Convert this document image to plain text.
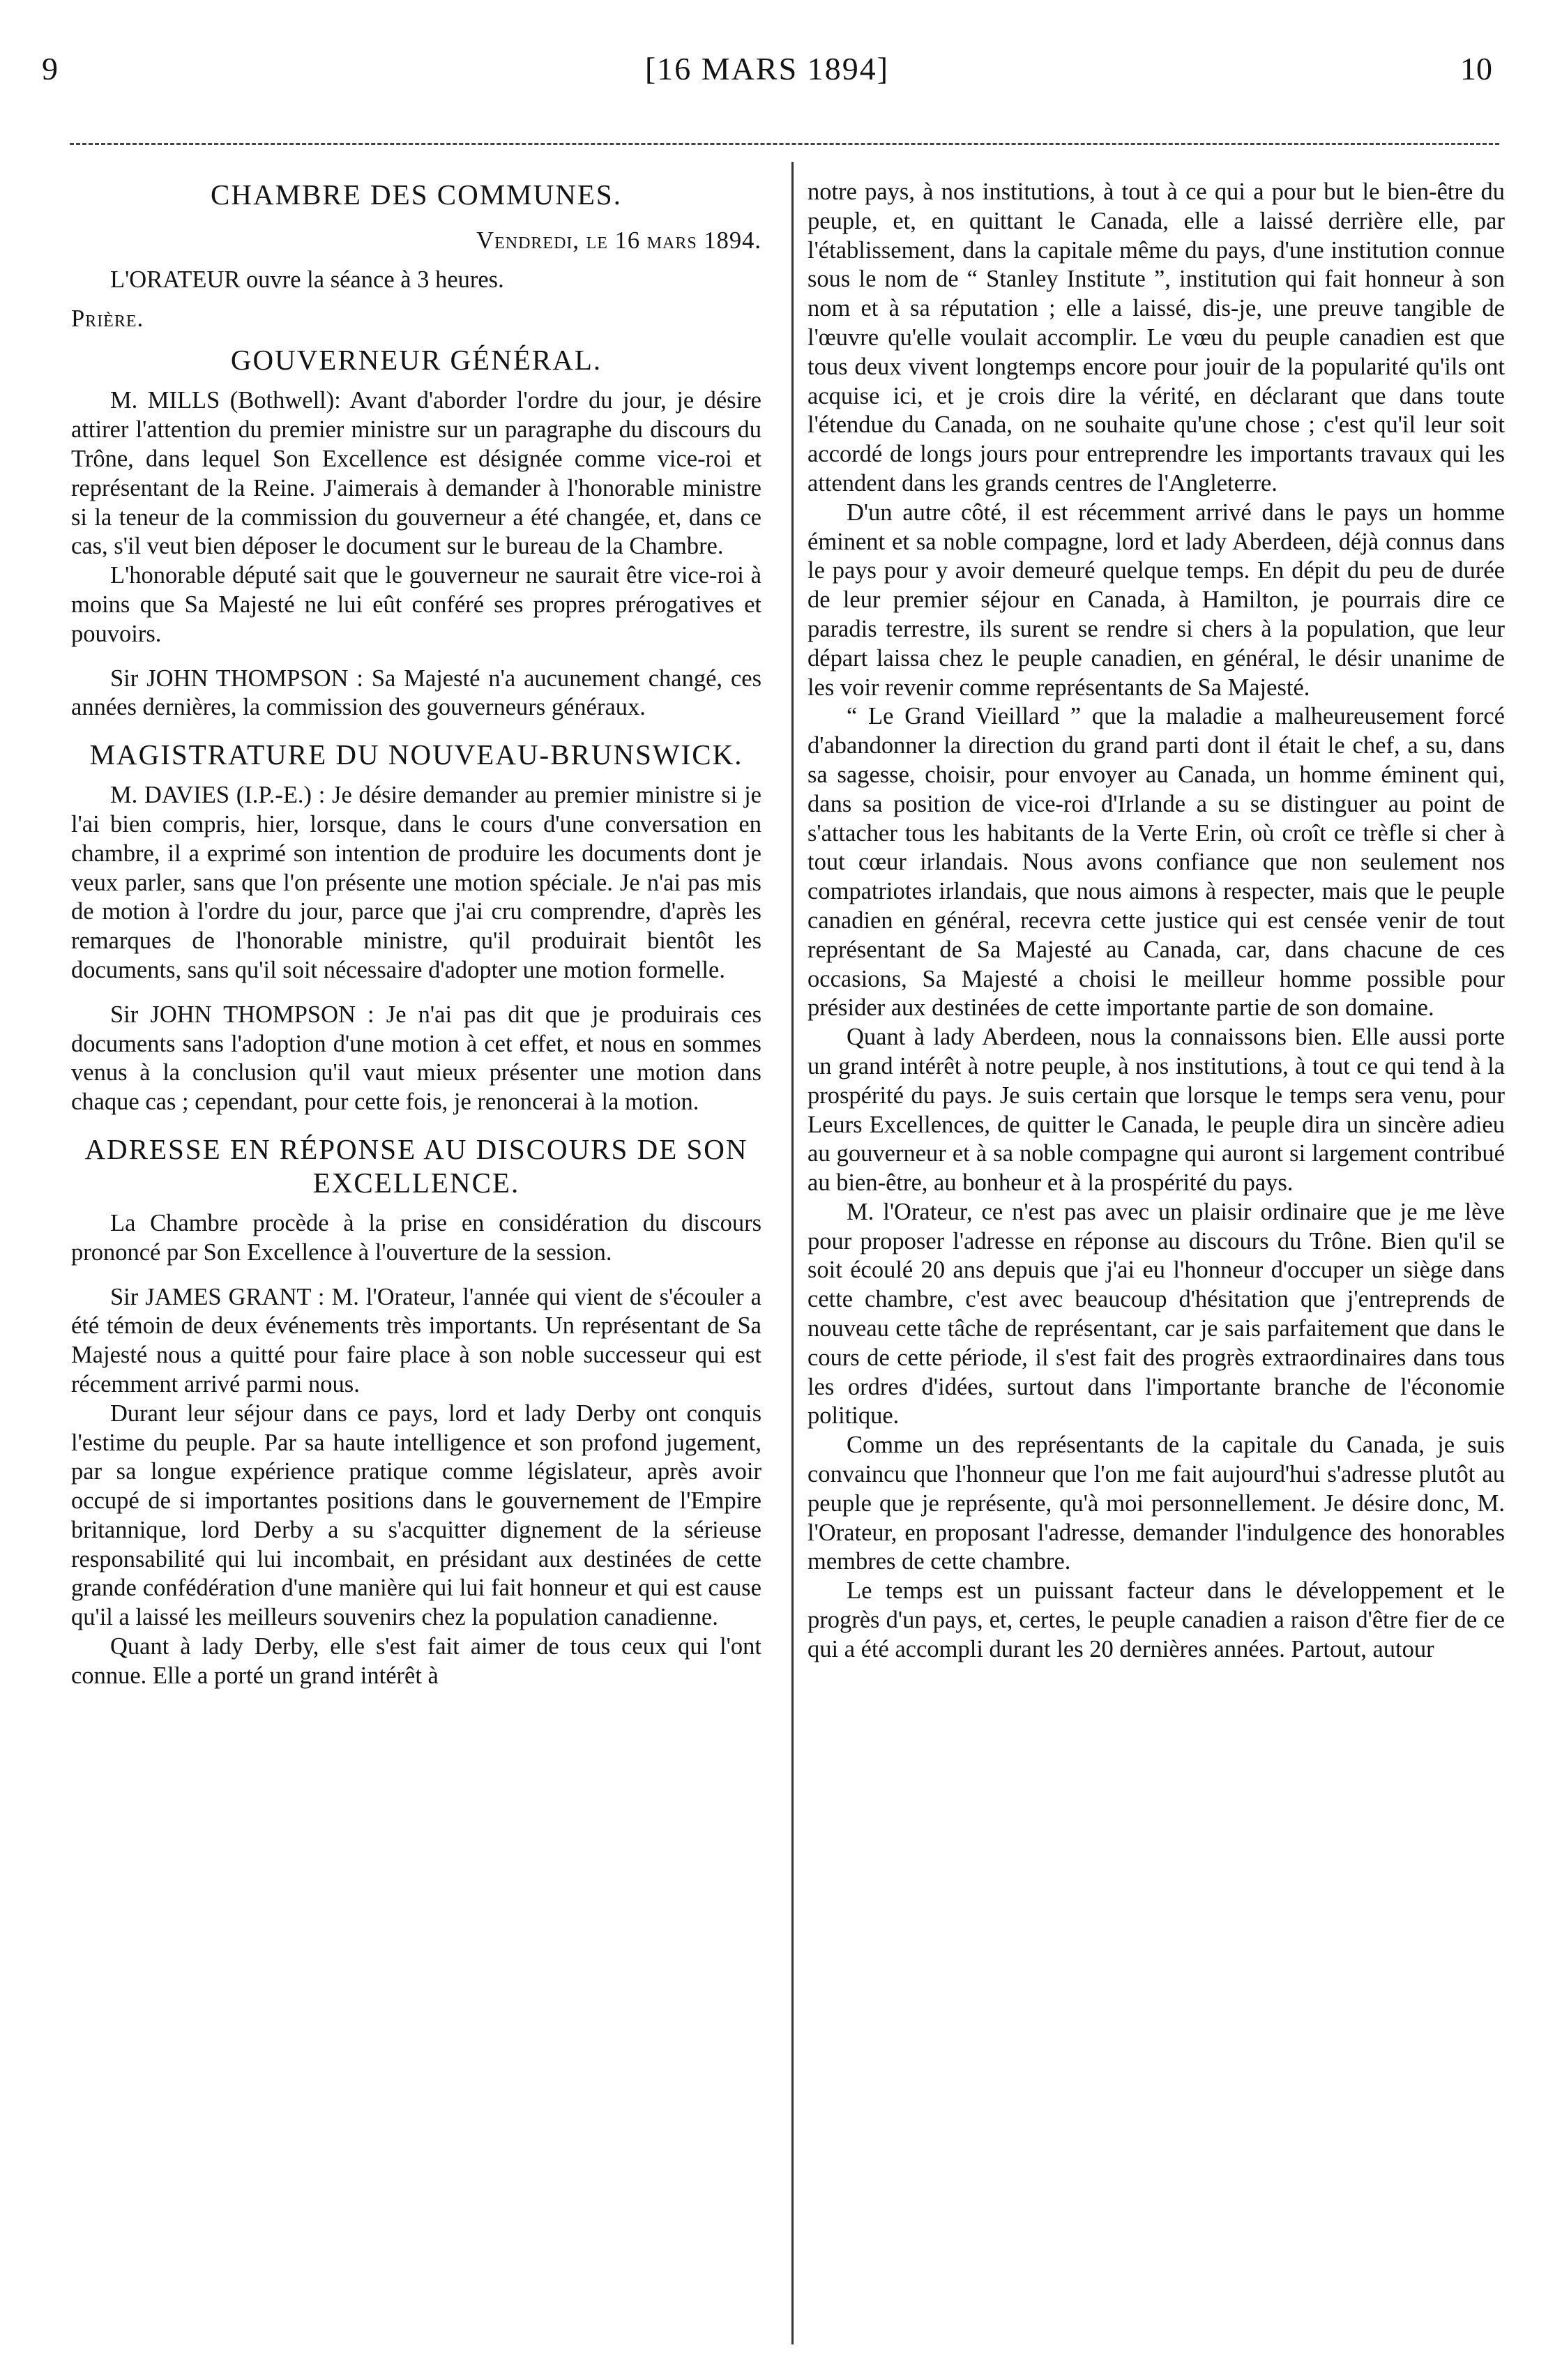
9	[16 MARS 1894]	10
CHAMBRE DES COMMUNES.

Vendredi, le 16 mars 1894.

L'ORATEUR ouvre la séance à 3 heures.

Prière.

GOUVERNEUR GÉNÉRAL.

M. MILLS (Bothwell): Avant d'aborder l'ordre du jour, je désire attirer l'attention du premier ministre sur un paragraphe du discours du Trône, dans lequel Son Excellence est désignée comme vice-roi et représentant de la Reine. J'aimerais à demander à l'honorable ministre si la teneur de la commission du gouverneur a été changée, et, dans ce cas, s'il veut bien déposer le document sur le bureau de la Chambre.

L'honorable député sait que le gouverneur ne saurait être vice-roi à moins que Sa Majesté ne lui eût conféré ses propres prérogatives et pouvoirs.

Sir JOHN THOMPSON : Sa Majesté n'a aucunement changé, ces années dernières, la commission des gouverneurs généraux.

MAGISTRATURE DU NOUVEAU-BRUNSWICK.

M. DAVIES (I.P.-E.) : Je désire demander au premier ministre si je l'ai bien compris, hier, lorsque, dans le cours d'une conversation en chambre, il a exprimé son intention de produire les documents dont je veux parler, sans que l'on présente une motion spéciale. Je n'ai pas mis de motion à l'ordre du jour, parce que j'ai cru comprendre, d'après les remarques de l'honorable ministre, qu'il produirait bientôt les documents, sans qu'il soit nécessaire d'adopter une motion formelle.

Sir JOHN THOMPSON : Je n'ai pas dit que je produirais ces documents sans l'adoption d'une motion à cet effet, et nous en sommes venus à la conclusion qu'il vaut mieux présenter une motion dans chaque cas ; cependant, pour cette fois, je renoncerai à la motion.

ADRESSE EN RÉPONSE AU DISCOURS DE SON EXCELLENCE.

La Chambre procède à la prise en considération du discours prononcé par Son Excellence à l'ouverture de la session.

Sir JAMES GRANT : M. l'Orateur, l'année qui vient de s'écouler a été témoin de deux événements très importants. Un représentant de Sa Majesté nous a quitté pour faire place à son noble successeur qui est récemment arrivé parmi nous.

Durant leur séjour dans ce pays, lord et lady Derby ont conquis l'estime du peuple. Par sa haute intelligence et son profond jugement, par sa longue expérience pratique comme législateur, après avoir occupé de si importantes positions dans le gouvernement de l'Empire britannique, lord Derby a su s'acquitter dignement de la sérieuse responsabilité qui lui incombait, en présidant aux destinées de cette grande confédération d'une manière qui lui fait honneur et qui est cause qu'il a laissé les meilleurs souvenirs chez la population canadienne.

Quant à lady Derby, elle s'est fait aimer de tous ceux qui l'ont connue. Elle a porté un grand intérêt à

notre pays, à nos institutions, à tout à ce qui a pour but le bien-être du peuple, et, en quittant le Canada, elle a laissé derrière elle, par l'établissement, dans la capitale même du pays, d'une institution connue sous le nom de “ Stanley Institute ”, institution qui fait honneur à son nom et à sa réputation ; elle a laissé, dis-je, une preuve tangible de l'œuvre qu'elle voulait accomplir. Le vœu du peuple canadien est que tous deux vivent longtemps encore pour jouir de la popularité qu'ils ont acquise ici, et je crois dire la vérité, en déclarant que dans toute l'étendue du Canada, on ne souhaite qu'une chose ; c'est qu'il leur soit accordé de longs jours pour entreprendre les importants travaux qui les attendent dans les grands centres de l'Angleterre.

D'un autre côté, il est récemment arrivé dans le pays un homme éminent et sa noble compagne, lord et lady Aberdeen, déjà connus dans le pays pour y avoir demeuré quelque temps. En dépit du peu de durée de leur premier séjour en Canada, à Hamilton, je pourrais dire ce paradis terrestre, ils surent se rendre si chers à la population, que leur départ laissa chez le peuple canadien, en général, le désir unanime de les voir revenir comme représentants de Sa Majesté.

“ Le Grand Vieillard ” que la maladie a malheureusement forcé d'abandonner la direction du grand parti dont il était le chef, a su, dans sa sagesse, choisir, pour envoyer au Canada, un homme éminent qui, dans sa position de vice-roi d'Irlande a su se distinguer au point de s'attacher tous les habitants de la Verte Erin, où croît ce trèfle si cher à tout cœur irlandais. Nous avons confiance que non seulement nos compatriotes irlandais, que nous aimons à respecter, mais que le peuple canadien en général, recevra cette justice qui est censée venir de tout représentant de Sa Majesté au Canada, car, dans chacune de ces occasions, Sa Majesté a choisi le meilleur homme possible pour présider aux destinées de cette importante partie de son domaine.

Quant à lady Aberdeen, nous la connaissons bien. Elle aussi porte un grand intérêt à notre peuple, à nos institutions, à tout ce qui tend à la prospérité du pays. Je suis certain que lorsque le temps sera venu, pour Leurs Excellences, de quitter le Canada, le peuple dira un sincère adieu au gouverneur et à sa noble compagne qui auront si largement contribué au bien-être, au bonheur et à la prospérité du pays.

M. l'Orateur, ce n'est pas avec un plaisir ordinaire que je me lève pour proposer l'adresse en réponse au discours du Trône. Bien qu'il se soit écoulé 20 ans depuis que j'ai eu l'honneur d'occuper un siège dans cette chambre, c'est avec beaucoup d'hésitation que j'entreprends de nouveau cette tâche de représentant, car je sais parfaitement que dans le cours de cette période, il s'est fait des progrès extraordinaires dans tous les ordres d'idées, surtout dans l'importante branche de l'économie politique.

Comme un des représentants de la capitale du Canada, je suis convaincu que l'honneur que l'on me fait aujourd'hui s'adresse plutôt au peuple que je représente, qu'à moi personnellement. Je désire donc, M. l'Orateur, en proposant l'adresse, demander l'indulgence des honorables membres de cette chambre.

Le temps est un puissant facteur dans le développement et le progrès d'un pays, et, certes, le peuple canadien a raison d'être fier de ce qui a été accompli durant les 20 dernières années. Partout, autour
